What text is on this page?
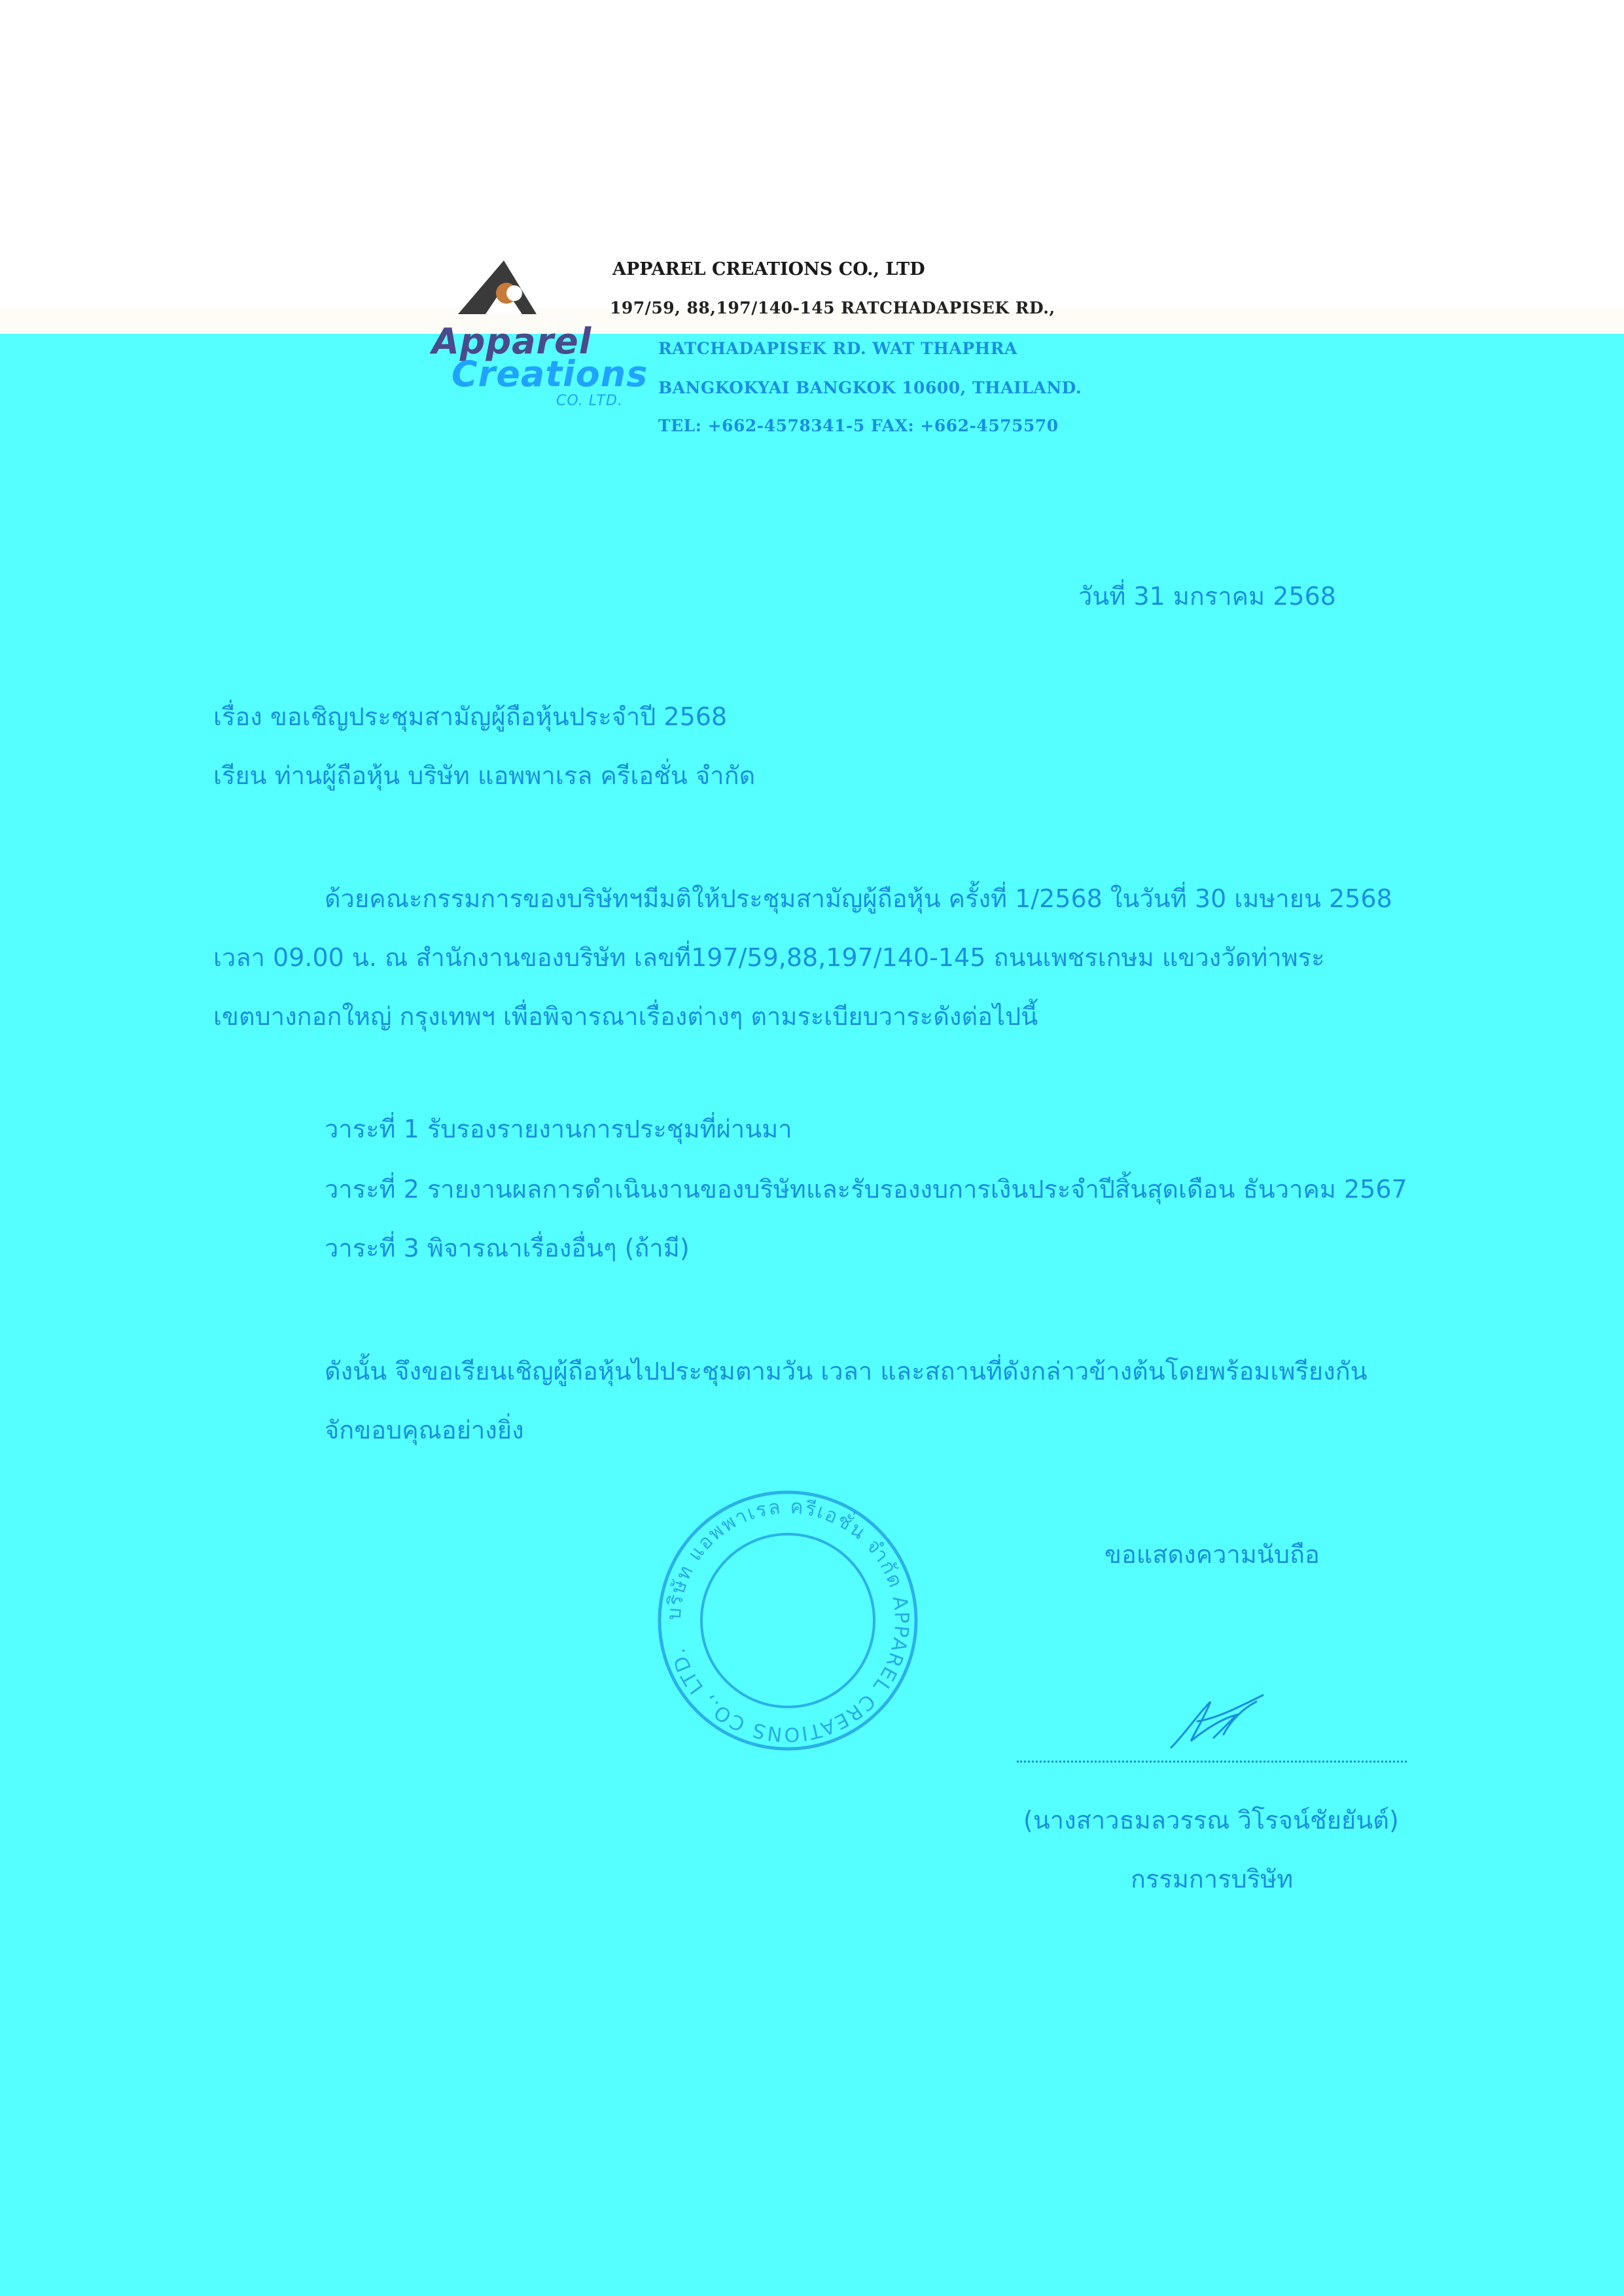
Apparel
Creations
CO. LTD.
APPAREL CREATIONS CO., LTD
197/59, 88,197/140-145 RATCHADAPISEK RD.,
RATCHADAPISEK RD. WAT THAPHRA
BANGKOKYAI BANGKOK 10600, THAILAND.
TEL: +662-4578341-5 FAX: +662-4575570
วันที่ 31 มกราคม 2568
เรื่อง ขอเชิญประชุมสามัญผู้ถือหุ้นประจำปี 2568
เรียน ท่านผู้ถือหุ้น บริษัท แอพพาเรล ครีเอชั่น จำกัด
ด้วยคณะกรรมการของบริษัทฯมีมติให้ประชุมสามัญผู้ถือหุ้น ครั้งที่ 1/2568 ในวันที่ 30 เมษายน 2568
เวลา 09.00 น. ณ สำนักงานของบริษัท เลขที่197/59,88,197/140-145 ถนนเพชรเกษม แขวงวัดท่าพระ
เขตบางกอกใหญ่ กรุงเทพฯ เพื่อพิจารณาเรื่องต่างๆ ตามระเบียบวาระดังต่อไปนี้
วาระที่ 1 รับรองรายงานการประชุมที่ผ่านมา
วาระที่ 2 รายงานผลการดำเนินงานของบริษัทและรับรองงบการเงินประจำปีสิ้นสุดเดือน ธันวาคม 2567
วาระที่ 3 พิจารณาเรื่องอื่นๆ (ถ้ามี)
ดังนั้น จึงขอเรียนเชิญผู้ถือหุ้นไปประชุมตามวัน เวลา และสถานที่ดังกล่าวข้างต้นโดยพร้อมเพรียงกัน
จักขอบคุณอย่างยิ่ง
บริษัท แอพพาเรล ครีเอชั่น จำกัด APPAREL CREATIONS CO., LTD.
ขอแสดงความนับถือ
(นางสาวธมลวรรณ วิโรจน์ชัยยันต์)
กรรมการบริษัท
